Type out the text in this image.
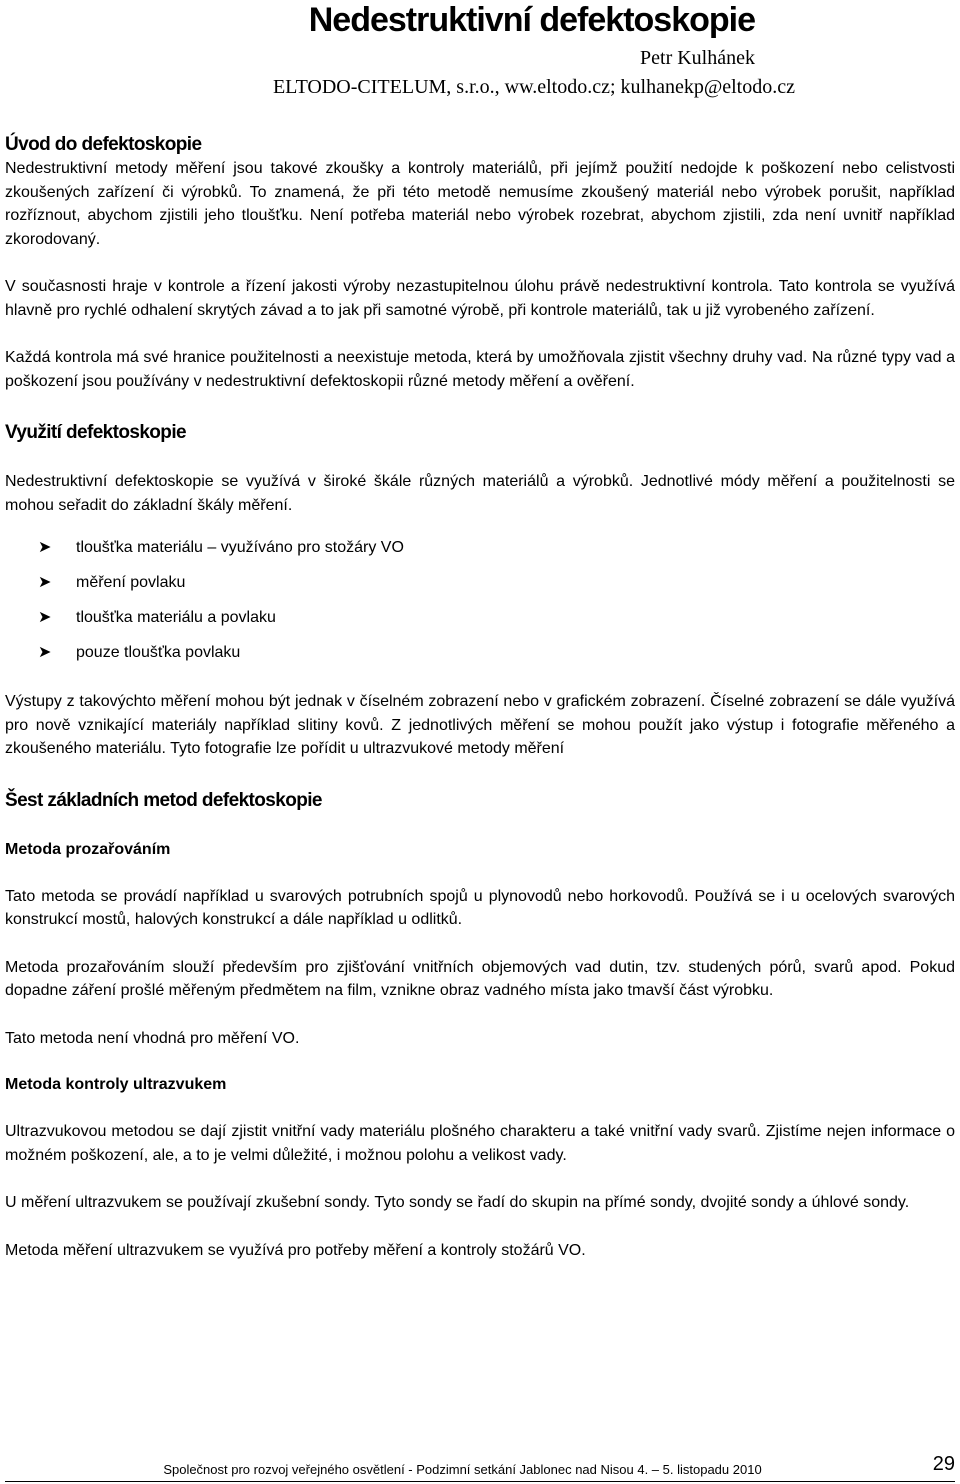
Nedestruktivní defektoskopie
Petr Kulhánek
ELTODO-CITELUM, s.r.o., ww.eltodo.cz; kulhanekp@eltodo.cz
Úvod do defektoskopie

Nedestruktivní metody měření jsou takové zkoušky a kontroly materiálů, při jejímž použití nedojde k poškození nebo celistvosti zkoušených zařízení či výrobků. To znamená, že při této metodě nemusíme zkoušený materiál nebo výrobek porušit, například rozříznout, abychom zjistili jeho tloušťku. Není potřeba materiál nebo výrobek rozebrat, abychom zjistili, zda není uvnitř například zkorodovaný.

V současnosti hraje v kontrole a řízení jakosti výroby nezastupitelnou úlohu právě nedestruktivní kontrola. Tato kontrola se využívá hlavně pro rychlé odhalení skrytých závad a to jak při samotné výrobě, při kontrole materiálů, tak u již vyrobeného zařízení.

Každá kontrola má své hranice použitelnosti a neexistuje metoda, která by umožňovala zjistit všechny druhy vad. Na různé typy vad a poškození jsou používány v nedestruktivní defektoskopii různé metody měření a ověření.

Využití defektoskopie

Nedestruktivní defektoskopie se využívá v široké škále různých materiálů a výrobků. Jednotlivé módy měření a použitelnosti se mohou seřadit do základní škály měření.

➤	tloušťka materiálu – využíváno pro stožáry VO
➤	měření povlaku
➤	tloušťka materiálu a povlaku
➤	pouze tloušťka povlaku

Výstupy z takovýchto měření mohou být jednak v číselném zobrazení nebo v grafickém zobrazení. Číselné zobrazení se dále využívá pro nově vznikající materiály například slitiny kovů. Z jednotlivých měření se mohou použít jako výstup i fotografie měřeného a zkoušeného materiálu. Tyto fotografie lze pořídit u ultrazvukové metody měření

Šest základních metod defektoskopie
Metoda prozařováním

Tato metoda se provádí například u svarových potrubních spojů u plynovodů nebo horkovodů. Používá se i u ocelových svarových konstrukcí mostů, halových konstrukcí a dále například u odlitků.

Metoda prozařováním slouží především pro zjišťování vnitřních objemových vad dutin, tzv. studených pórů, svarů apod. Pokud dopadne záření prošlé měřeným předmětem na film, vznikne obraz vadného místa jako tmavší část výrobku.

Tato metoda není vhodná pro měření VO.

Metoda kontroly ultrazvukem

Ultrazvukovou metodou se dají zjistit vnitřní vady materiálu plošného charakteru a také vnitřní vady svarů. Zjistíme nejen informace o možném poškození, ale, a to je velmi důležité, i možnou polohu a velikost vady.

U měření ultrazvukem se používají zkušební sondy. Tyto sondy se řadí do skupin na přímé sondy, dvojité sondy a úhlové sondy.

Metoda měření ultrazvukem se využívá pro potřeby měření a kontroly stožárů VO.

Společnost pro rozvoj veřejného osvětlení - Podzimní setkání Jablonec nad Nisou 4. – 5. listopadu 2010	29
